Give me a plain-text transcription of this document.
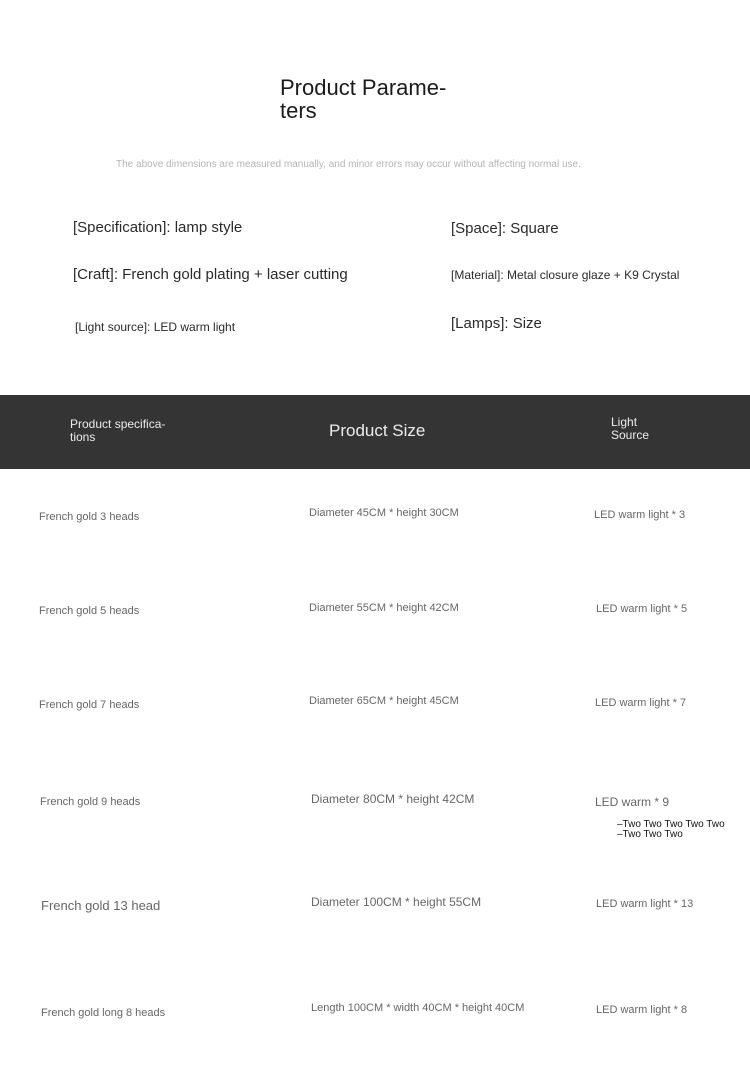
Product Parame-
ters
The above dimensions are measured manually, and minor errors may occur without affecting normal use.
[Specification]: lamp style	[Space]: Square
[Craft]: French gold plating + laser cutting	[Material]: Metal closure glaze + K9 Crystal
[Light source]: LED warm light	[Lamps]: Size
Product specifica-
tions	Product Size	Light
Source
French gold 3 heads	Diameter 45CM * height 30CM	LED warm light * 3
French gold 5 heads	Diameter 55CM * height 42CM	LED warm light * 5
French gold 7 heads	Diameter 65CM * height 45CM	LED warm light * 7
French gold 9 heads	Diameter 80CM * height 42CM	LED warm * 9
–Two Two Two Two Two
–Two Two Two
French gold 13 head	Diameter 100CM * height 55CM	LED warm light * 13
French gold long 8 heads	Length 100CM * width 40CM * height 40CM	LED warm light * 8
